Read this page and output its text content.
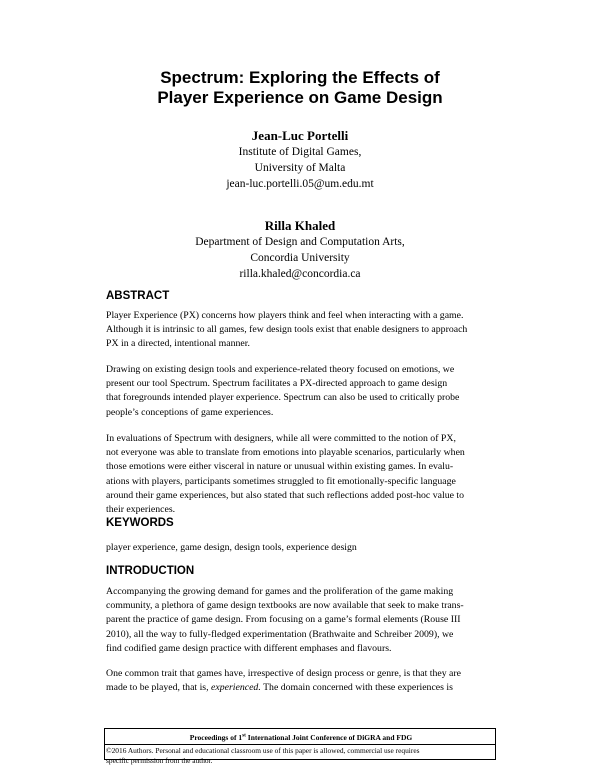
Spectrum: Exploring the Effects of
Player Experience on Game Design
Jean-Luc Portelli
Institute of Digital Games,
University of Malta
jean-luc.portelli.05@um.edu.mt
Rilla Khaled
Department of Design and Computation Arts,
Concordia University
rilla.khaled@concordia.ca
ABSTRACT
Player Experience (PX) concerns how players think and feel when interacting with a game.
Although it is intrinsic to all games, few design tools exist that enable designers to approach
PX in a directed, intentional manner.
Drawing on existing design tools and experience-related theory focused on emotions, we
present our tool Spectrum. Spectrum facilitates a PX-directed approach to game design
that foregrounds intended player experience. Spectrum can also be used to critically probe
people’s conceptions of game experiences.
In evaluations of Spectrum with designers, while all were committed to the notion of PX,
not everyone was able to translate from emotions into playable scenarios, particularly when
those emotions were either visceral in nature or unusual within existing games. In evalu-
ations with players, participants sometimes struggled to fit emotionally-specific language
around their game experiences, but also stated that such reflections added post-hoc value to
their experiences.
KEYWORDS
player experience, game design, design tools, experience design
INTRODUCTION
Accompanying the growing demand for games and the proliferation of the game making
community, a plethora of game design textbooks are now available that seek to make trans-
parent the practice of game design. From focusing on a game’s formal elements (Rouse III
2010), all the way to fully-fledged experimentation (Brathwaite and Schreiber 2009), we
find codified game design practice with different emphases and flavours.
One common trait that games have, irrespective of design process or genre, is that they are
made to be played, that is, experienced. The domain concerned with these experiences is
Proceedings of 1st International Joint Conference of DiGRA and FDG
©2016 Authors. Personal and educational classroom use of this paper is allowed, commercial use requires
specific permission from the author.
